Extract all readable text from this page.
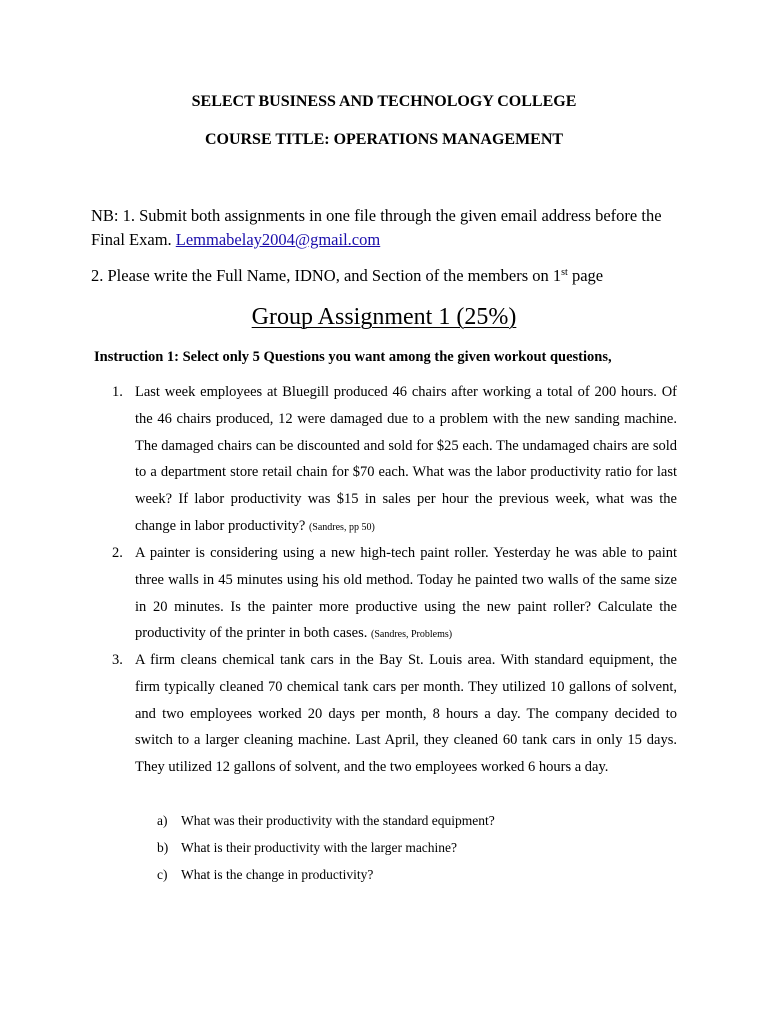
SELECT BUSINESS AND TECHNOLOGY COLLEGE
COURSE TITLE: OPERATIONS MANAGEMENT
NB: 1. Submit both assignments in one file through the given email address before the Final Exam. Lemmabelay2004@gmail.com
2. Please write the Full Name, IDNO, and Section of the members on 1st page
Group Assignment 1 (25%)
Instruction 1: Select only 5 Questions you want among the given workout questions,
1. Last week employees at Bluegill produced 46 chairs after working a total of 200 hours. Of the 46 chairs produced, 12 were damaged due to a problem with the new sanding machine. The damaged chairs can be discounted and sold for $25 each. The undamaged chairs are sold to a department store retail chain for $70 each. What was the labor productivity ratio for last week? If labor productivity was $15 in sales per hour the previous week, what was the change in labor productivity? (Sandres, pp 50)
2. A painter is considering using a new high-tech paint roller. Yesterday he was able to paint three walls in 45 minutes using his old method. Today he painted two walls of the same size in 20 minutes. Is the painter more productive using the new paint roller? Calculate the productivity of the printer in both cases. (Sandres, Problems)
3. A firm cleans chemical tank cars in the Bay St. Louis area. With standard equipment, the firm typically cleaned 70 chemical tank cars per month. They utilized 10 gallons of solvent, and two employees worked 20 days per month, 8 hours a day. The company decided to switch to a larger cleaning machine. Last April, they cleaned 60 tank cars in only 15 days. They utilized 12 gallons of solvent, and the two employees worked 6 hours a day.
a) What was their productivity with the standard equipment?
b) What is their productivity with the larger machine?
c) What is the change in productivity?
